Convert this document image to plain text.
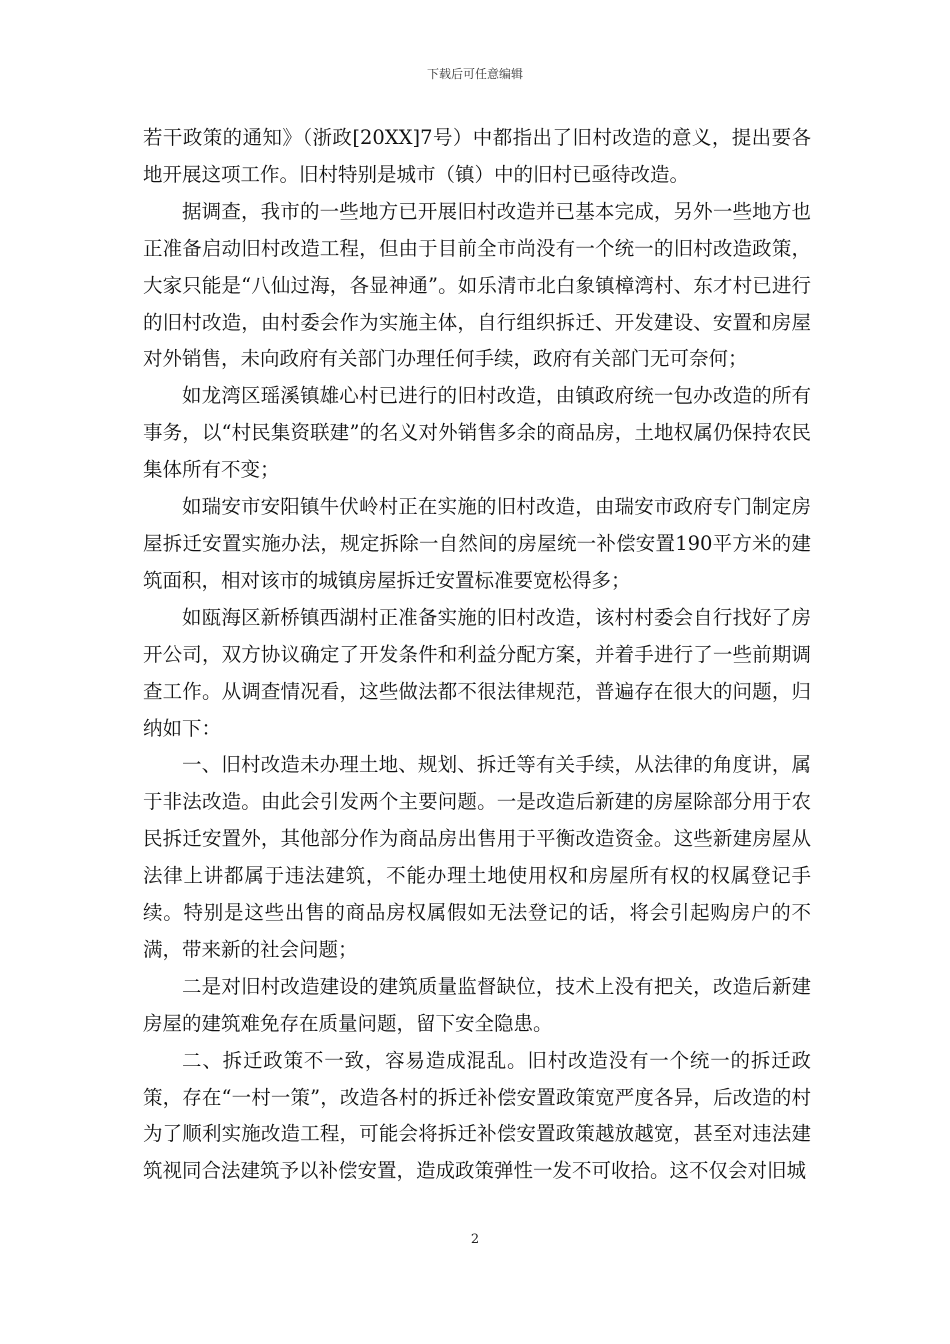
下载后可任意编辑

若干政策的通知》（浙政[20XX]7号）中都指出了旧村改造的意义，提出要各地开展这项工作。旧村特别是城市（镇）中的旧村已亟待改造。

据调查，我市的一些地方已开展旧村改造并已基本完成，另外一些地方也正准备启动旧村改造工程，但由于目前全市尚没有一个统一的旧村改造政策，大家只能是“八仙过海，各显神通”。如乐清市北白象镇樟湾村、东才村已进行的旧村改造，由村委会作为实施主体，自行组织拆迁、开发建设、安置和房屋对外销售，未向政府有关部门办理任何手续，政府有关部门无可奈何；

如龙湾区瑶溪镇雄心村已进行的旧村改造，由镇政府统一包办改造的所有事务，以“村民集资联建”的名义对外销售多余的商品房，土地权属仍保持农民集体所有不变；

如瑞安市安阳镇牛伏岭村正在实施的旧村改造，由瑞安市政府专门制定房屋拆迁安置实施办法，规定拆除一自然间的房屋统一补偿安置190平方米的建筑面积，相对该市的城镇房屋拆迁安置标准要宽松得多；

如瓯海区新桥镇西湖村正准备实施的旧村改造，该村村委会自行找好了房开公司，双方协议确定了开发条件和利益分配方案，并着手进行了一些前期调查工作。从调查情况看，这些做法都不很法律规范，普遍存在很大的问题，归纳如下：

一、旧村改造未办理土地、规划、拆迁等有关手续，从法律的角度讲，属于非法改造。由此会引发两个主要问题。一是改造后新建的房屋除部分用于农民拆迁安置外，其他部分作为商品房出售用于平衡改造资金。这些新建房屋从法律上讲都属于违法建筑，不能办理土地使用权和房屋所有权的权属登记手续。特别是这些出售的商品房权属假如无法登记的话，将会引起购房户的不满，带来新的社会问题；

二是对旧村改造建设的建筑质量监督缺位，技术上没有把关，改造后新建房屋的建筑难免存在质量问题，留下安全隐患。

二、拆迁政策不一致，容易造成混乱。旧村改造没有一个统一的拆迁政策，存在“一村一策”，改造各村的拆迁补偿安置政策宽严度各异，后改造的村为了顺利实施改造工程，可能会将拆迁补偿安置政策越放越宽，甚至对违法建筑视同合法建筑予以补偿安置，造成政策弹性一发不可收拾。这不仅会对旧城

2
